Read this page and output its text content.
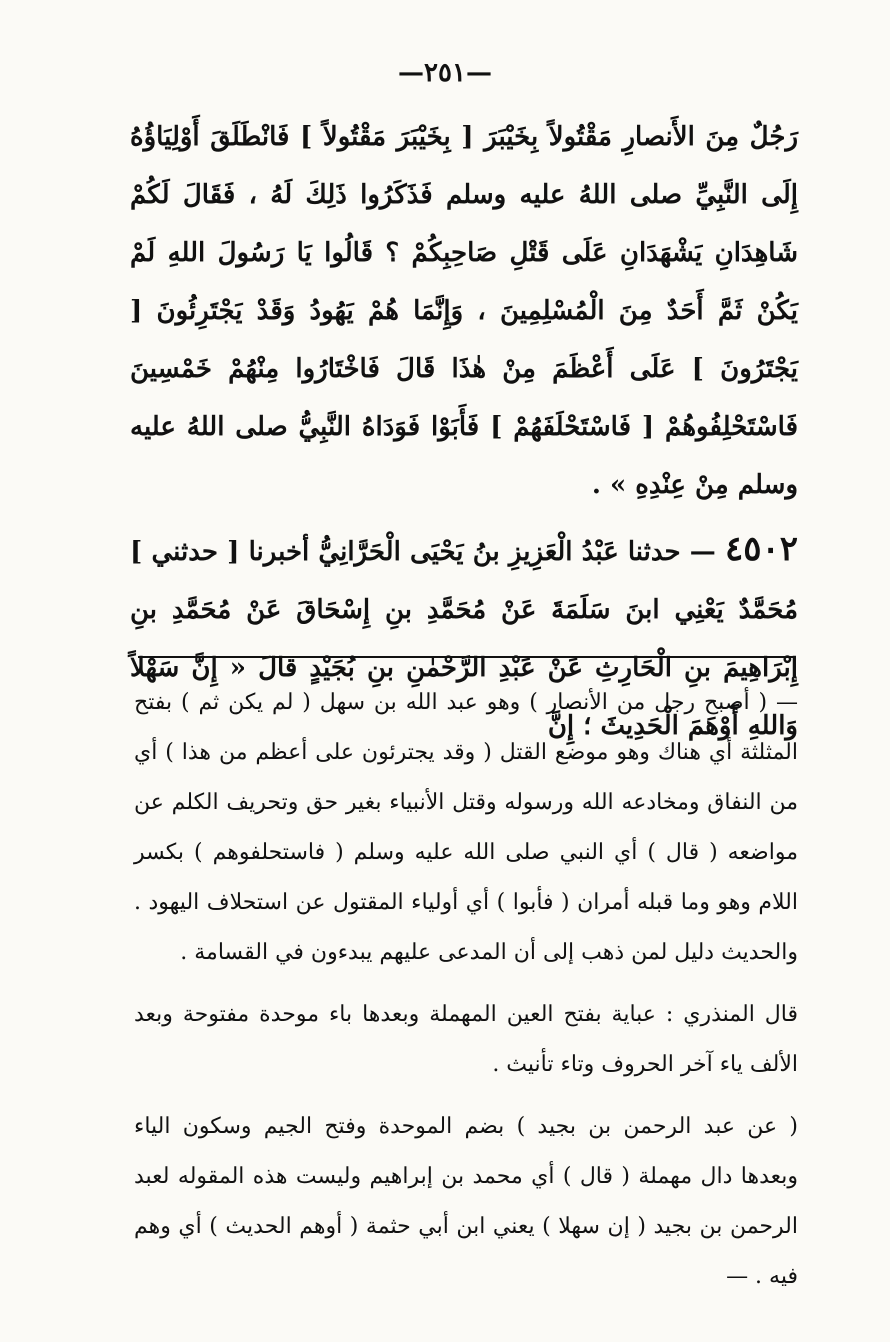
—٢٥١—

رَجُلٌ مِنَ الأَنصارِ مَقْتُولاً بِخَيْبَرَ [ بِخَيْبَرَ مَقْتُولاً ] فَانْطَلَقَ أَوْلِيَاؤُهُ إِلَى النَّبِيِّ صلى اللهُ عليه وسلم فَذَكَرُوا ذَلِكَ لَهُ ، فَقَالَ لَكُمْ شَاهِدَانِ يَشْهَدَانِ عَلَى قَتْلِ صَاحِبِكُمْ ؟ قَالُوا يَا رَسُولَ اللهِ لَمْ يَكُنْ ثَمَّ أَحَدٌ مِنَ الْمُسْلِمِينَ ، وَإِنَّمَا هُمْ يَهُودُ وَقَدْ يَجْتَرِئُونَ [ يَجْتَرُونَ ] عَلَى أَعْظَمَ مِنْ هٰذَا قَالَ فَاخْتَارُوا مِنْهُمْ خَمْسِينَ فَاسْتَحْلِفُوهُمْ [ فَاسْتَحْلَفَهُمْ ] فَأَبَوْا فَوَدَاهُ النَّبِيُّ صلى اللهُ عليه وسلم مِنْ عِنْدِهِ » .

٤٥٠٢ — حدثنا عَبْدُ الْعَزِيزِ بنُ يَحْيَى الْحَرَّانِيُّ أخبرنا [ حدثني ] مُحَمَّدٌ يَعْنِي ابنَ سَلَمَةَ عَنْ مُحَمَّدِ بنِ إِسْحَاقَ عَنْ مُحَمَّدِ بنِ إِبْرَاهِيمَ بنِ الْحَارِثِ عَنْ عَبْدِ الرَّحْمٰنِ بنِ بُجَيْدٍ قالَ « إِنَّ سَهْلاً وَاللهِ أَوْهَمَ الْحَدِيثَ ؛ إِنَّ

— ( أصبح رجل من الأنصار ) وهو عبد الله بن سهل ( لم يكن ثم ) بفتح المثلثة أي هناك وهو موضع القتل ( وقد يجترئون على أعظم من هذا ) أي من النفاق ومخادعه الله ورسوله وقتل الأنبياء بغير حق وتحريف الكلم عن مواضعه ( قال ) أي النبي صلى الله عليه وسلم ( فاستحلفوهم ) بكسر اللام وهو وما قبله أمران ( فأبوا ) أي أولياء المقتول عن استحلاف اليهود . والحديث دليل لمن ذهب إلى أن المدعى عليهم يبدءون في القسامة .

قال المنذري : عباية بفتح العين المهملة وبعدها باء موحدة مفتوحة وبعد الألف ياء آخر الحروف وتاء تأنيث .

( عن عبد الرحمن بن بجيد ) بضم الموحدة وفتح الجيم وسكون الياء وبعدها دال مهملة ( قال ) أي محمد بن إبراهيم وليست هذه المقوله لعبد الرحمن بن بجيد ( إن سهلا ) يعني ابن أبي حثمة ( أوهم الحديث ) أي وهم فيه . —
